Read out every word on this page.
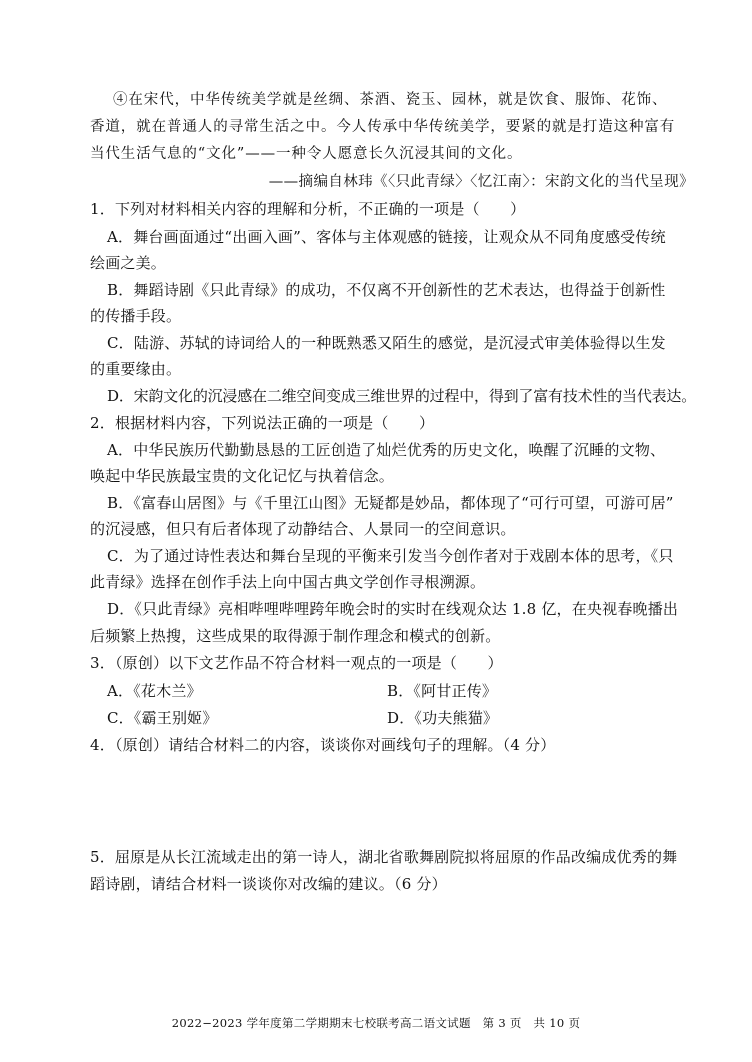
④在宋代，中华传统美学就是丝绸、茶酒、瓷玉、园林，就是饮食、服饰、花饰、
香道，就在普通人的寻常生活之中。今人传承中华传统美学，要紧的就是打造这种富有
当代生活气息的“文化”——一种令人愿意长久沉浸其间的文化。
——摘编自林玮《〈只此青绿〉〈忆江南〉：宋韵文化的当代呈现》
1．下列对材料相关内容的理解和分析，不正确的一项是（　　）
A．舞台画面通过“出画入画”、客体与主体观感的链接，让观众从不同角度感受传统
绘画之美。
B．舞蹈诗剧《只此青绿》的成功，不仅离不开创新性的艺术表达，也得益于创新性
的传播手段。
C．陆游、苏轼的诗词给人的一种既熟悉又陌生的感觉，是沉浸式审美体验得以生发
的重要缘由。
D．宋韵文化的沉浸感在二维空间变成三维世界的过程中，得到了富有技术性的当代表达。
2．根据材料内容，下列说法正确的一项是（　　）
A．中华民族历代勤勤恳恳的工匠创造了灿烂优秀的历史文化，唤醒了沉睡的文物、
唤起中华民族最宝贵的文化记忆与执着信念。
B．《富春山居图》与《千里江山图》无疑都是妙品，都体现了“可行可望，可游可居”
的沉浸感，但只有后者体现了动静结合、人景同一的空间意识。
C．为了通过诗性表达和舞台呈现的平衡来引发当今创作者对于戏剧本体的思考，《只
此青绿》选择在创作手法上向中国古典文学创作寻根溯源。
D．《只此青绿》亮相哔哩哔哩跨年晚会时的实时在线观众达 1.8 亿，在央视春晚播出
后频繁上热搜，这些成果的取得源于制作理念和模式的创新。
3．（原创）以下文艺作品不符合材料一观点的一项是（　　）
A．《花木兰》	B．《阿甘正传》
C．《霸王别姬》	D．《功夫熊猫》
4．（原创）请结合材料二的内容，谈谈你对画线句子的理解。（4 分）
5．屈原是从长江流域走出的第一诗人，湖北省歌舞剧院拟将屈原的作品改编成优秀的舞
蹈诗剧，请结合材料一谈谈你对改编的建议。（6 分）
2022−2023 学年度第二学期期末七校联考高二语文试题　第 3 页　共 10 页
